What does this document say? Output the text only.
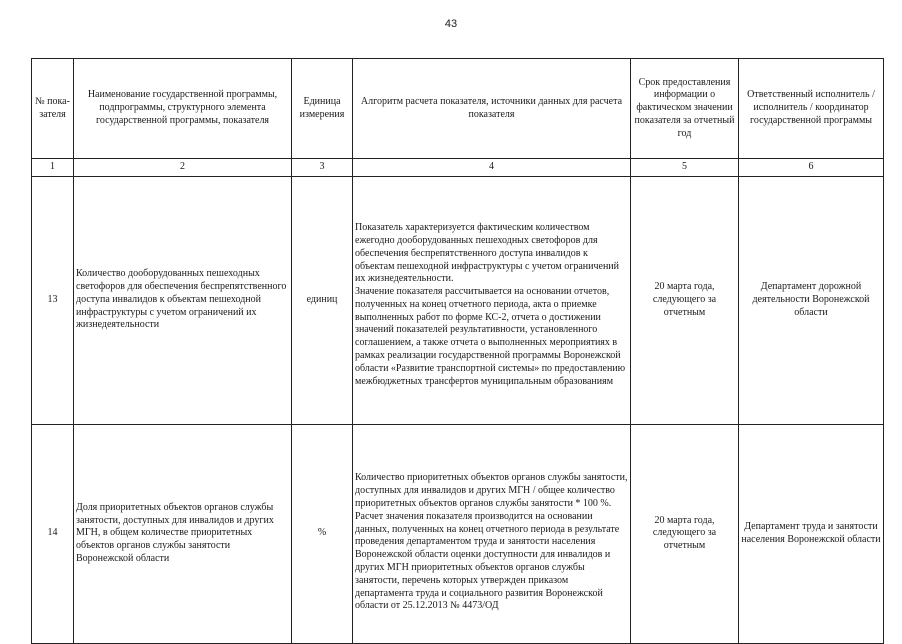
43
№ пока-зателя	Наименование государственной программы, подпрограммы, структурного элемента государственной программы, показателя	Единица измерения	Алгоритм расчета показателя, источники данных для расчета показателя	Срок предоставления информации о фактическом значении показателя за отчетный год	Ответственный исполнитель / исполнитель / координатор государственной программы
1	2	3	4	5	6
13	Количество дооборудованных пешеходных светофоров для обеспечения беспрепятственного доступа инвалидов к объектам пешеходной инфраструктуры с учетом ограничений их жизнедеятельности	единиц	Показатель характеризуется фактическим количеством ежегодно дооборудованных пешеходных светофоров для обеспечения беспрепятственного доступа инвалидов к объектам пешеходной инфраструктуры с учетом ограничений их жизнедеятельности.
Значение показателя рассчитывается на основании отчетов, полученных на конец отчетного периода, акта о приемке выполненных работ по форме КС-2, отчета о достижении значений показателей результативности, установленного соглашением, а также отчета о выполненных мероприятиях в рамках реализации государственной программы Воронежской области «Развитие транспортной системы» по предоставлению межбюджетных трансфертов муниципальным образованиям	20 марта года, следующего за отчетным	Департамент дорожной деятельности Воронежской области
14	Доля приоритетных объектов органов службы занятости, доступных для инвалидов и других МГН, в общем количестве приоритетных объектов органов службы занятости Воронежской области	%	Количество приоритетных объектов органов службы занятости, доступных для инвалидов и других МГН / общее количество приоритетных объектов органов службы занятости * 100 %.
Расчет значения показателя производится на основании данных, полученных на конец отчетного периода в результате проведения департаментом труда и занятости населения Воронежской области оценки доступности для инвалидов и других МГН приоритетных объектов органов службы занятости, перечень которых утвержден приказом департамента труда и социального развития Воронежской области от 25.12.2013 № 4473/ОД	20 марта года, следующего за отчетным	Департамент труда и занятости населения Воронежской области
